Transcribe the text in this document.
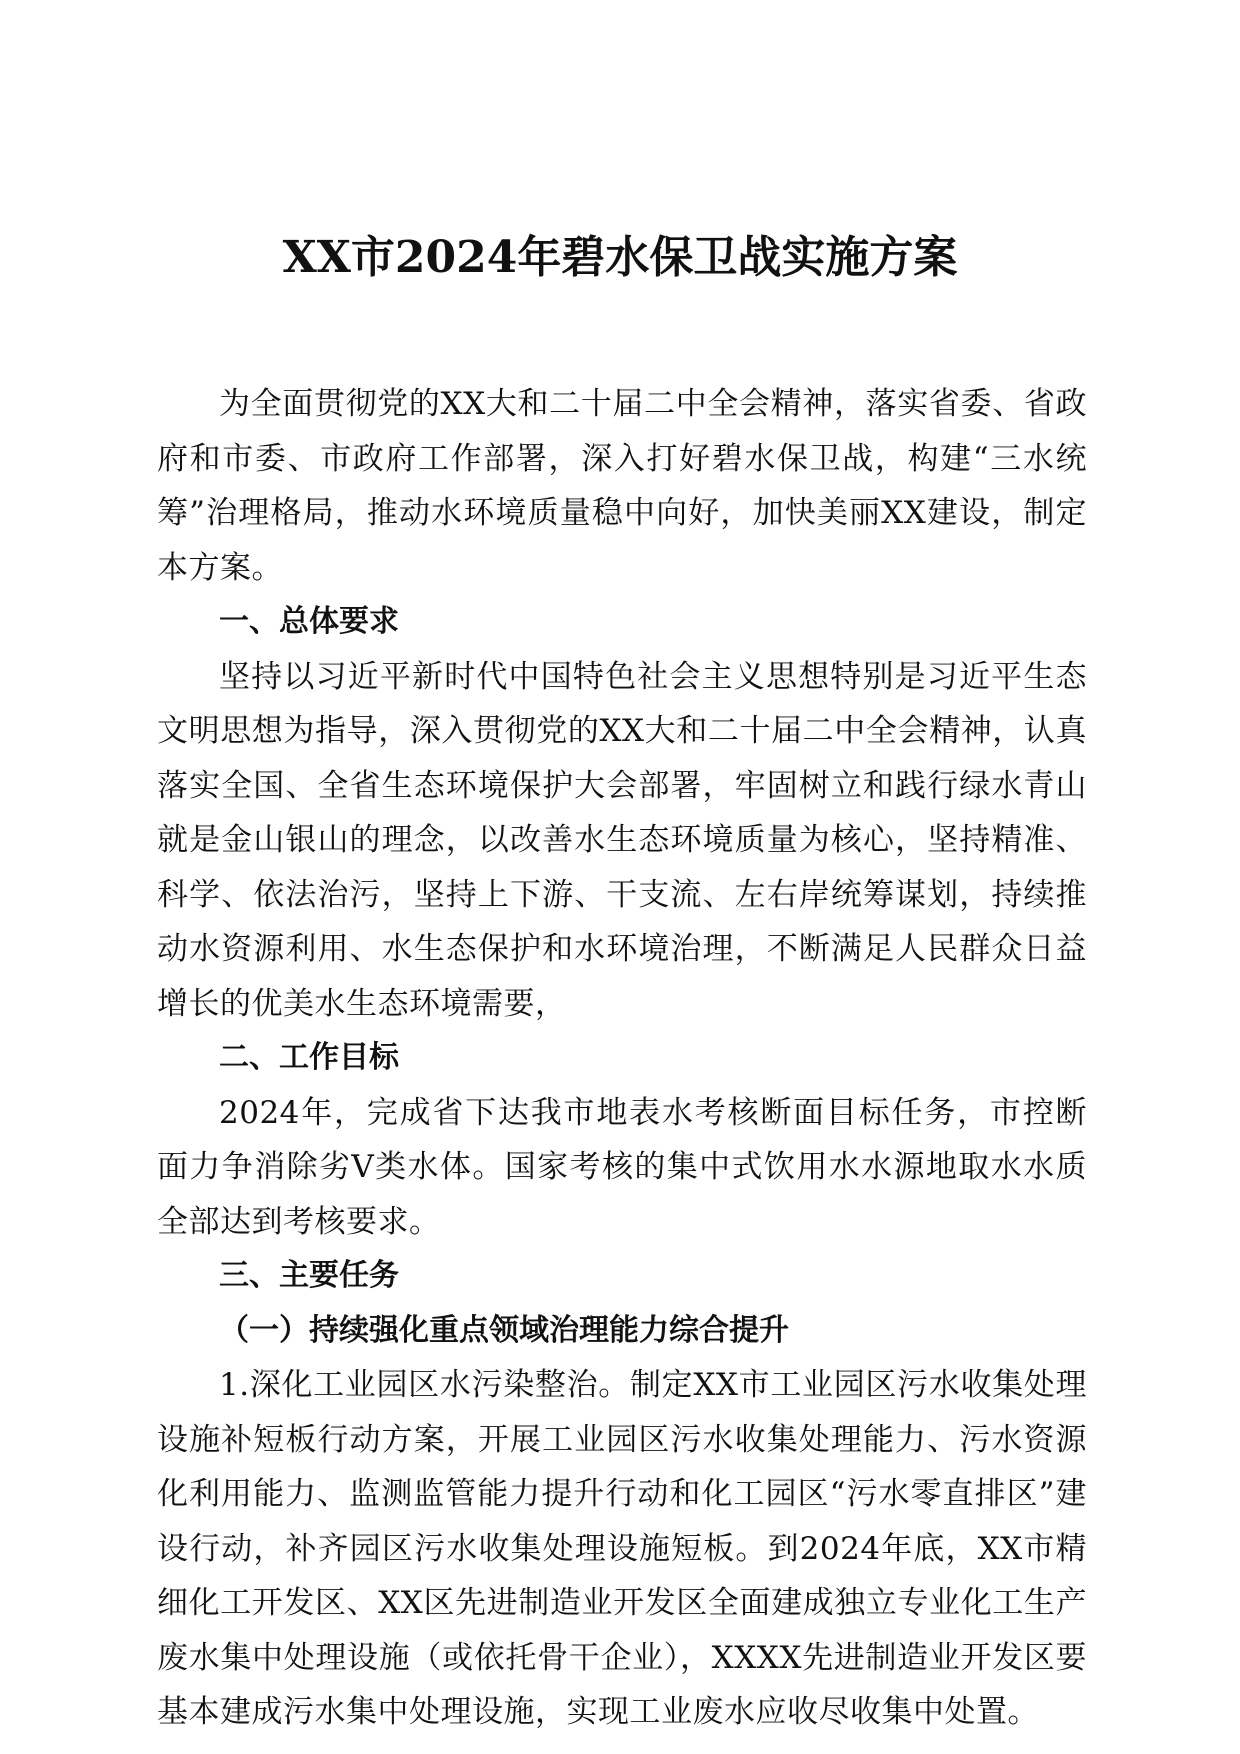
XX市2024年碧水保卫战实施方案

为全面贯彻党的XX大和二十届二中全会精神，落实省委、省政府和市委、市政府工作部署，深入打好碧水保卫战，构建“三水统筹”治理格局，推动水环境质量稳中向好，加快美丽XX建设，制定本方案。

一、总体要求

坚持以习近平新时代中国特色社会主义思想特别是习近平生态文明思想为指导，深入贯彻党的XX大和二十届二中全会精神，认真落实全国、全省生态环境保护大会部署，牢固树立和践行绿水青山就是金山银山的理念，以改善水生态环境质量为核心，坚持精准、科学、依法治污，坚持上下游、干支流、左右岸统筹谋划，持续推动水资源利用、水生态保护和水环境治理，不断满足人民群众日益增长的优美水生态环境需要，

二、工作目标

2024年，完成省下达我市地表水考核断面目标任务，市控断面力争消除劣V类水体。国家考核的集中式饮用水水源地取水水质全部达到考核要求。

三、主要任务

（一）持续强化重点领域治理能力综合提升

1.深化工业园区水污染整治。制定XX市工业园区污水收集处理设施补短板行动方案，开展工业园区污水收集处理能力、污水资源化利用能力、监测监管能力提升行动和化工园区“污水零直排区”建设行动，补齐园区污水收集处理设施短板。到2024年底，XX市精细化工开发区、XX区先进制造业开发区全面建成独立专业化工生产废水集中处理设施（或依托骨干企业），XXXX先进制造业开发区要基本建成污水集中处理设施，实现工业废水应收尽收集中处置。
